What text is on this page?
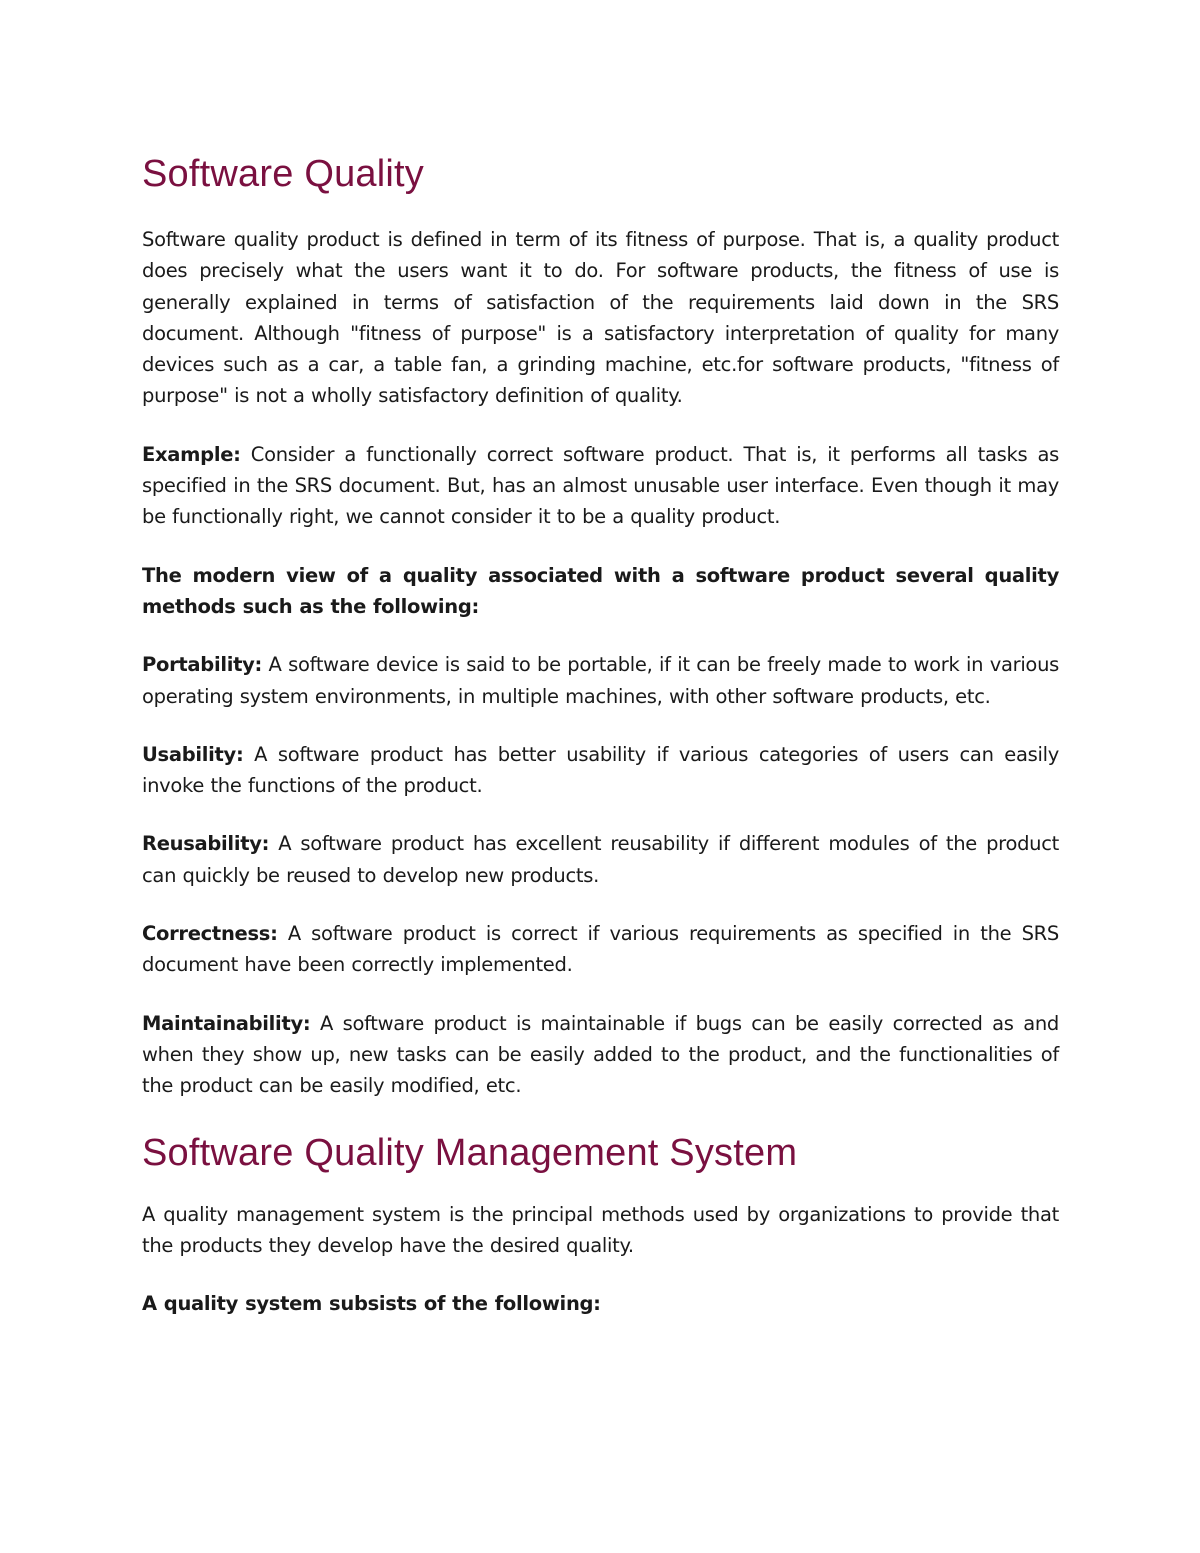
Software Quality

Software quality product is defined in term of its fitness of purpose. That is, a quality product does precisely what the users want it to do. For software products, the fitness of use is generally explained in terms of satisfaction of the requirements laid down in the SRS document. Although "fitness of purpose" is a satisfactory interpretation of quality for many devices such as a car, a table fan, a grinding machine, etc.for software products, "fitness of purpose" is not a wholly satisfactory definition of quality.

Example: Consider a functionally correct software product. That is, it performs all tasks as specified in the SRS document. But, has an almost unusable user interface. Even though it may be functionally right, we cannot consider it to be a quality product.

The modern view of a quality associated with a software product several quality methods such as the following:

Portability: A software device is said to be portable, if it can be freely made to work in various operating system environments, in multiple machines, with other software products, etc.

Usability: A software product has better usability if various categories of users can easily invoke the functions of the product.

Reusability: A software product has excellent reusability if different modules of the product can quickly be reused to develop new products.

Correctness: A software product is correct if various requirements as specified in the SRS document have been correctly implemented.

Maintainability: A software product is maintainable if bugs can be easily corrected as and when they show up, new tasks can be easily added to the product, and the functionalities of the product can be easily modified, etc.

Software Quality Management System

A quality management system is the principal methods used by organizations to provide that the products they develop have the desired quality.

A quality system subsists of the following:
